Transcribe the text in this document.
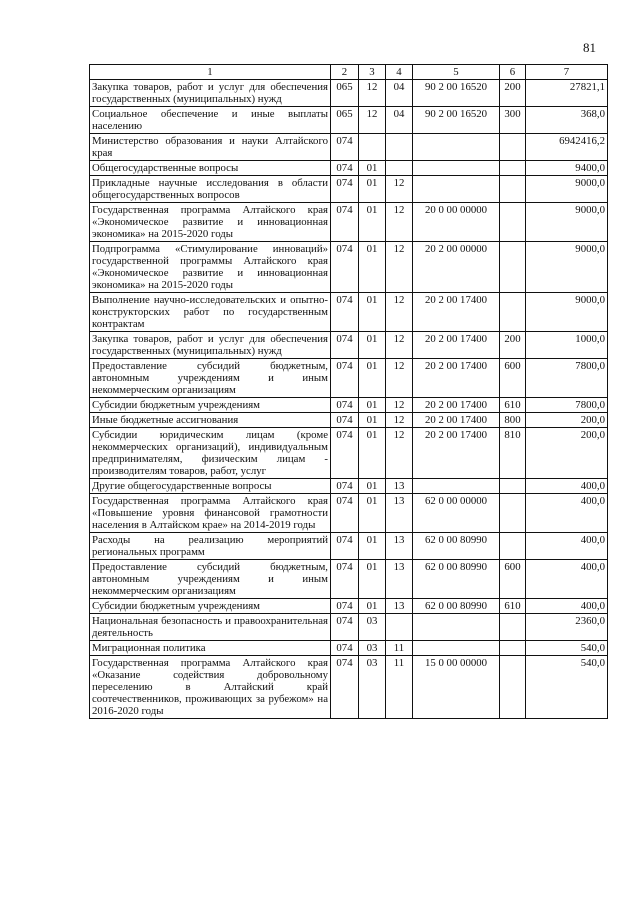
81
1	2	3	4	5	6	7
Закупка товаров, работ и услуг для обеспечения государственных (муниципальных) нужд	065	12	04	90 2 00 16520	200	27821,1
Социальное обеспечение и иные выплаты населению	065	12	04	90 2 00 16520	300	368,0
Министерство образования и науки Алтайского края	074					6942416,2
Общегосударственные вопросы	074	01				9400,0
Прикладные научные исследования в области общегосударственных вопросов	074	01	12			9000,0
Государственная программа Алтайского края «Экономическое развитие и инновационная экономика» на 2015-2020 годы	074	01	12	20 0 00 00000		9000,0
Подпрограмма «Стимулирование инноваций» государственной программы Алтайского края «Экономическое развитие и инновационная экономика» на 2015-2020 годы	074	01	12	20 2 00 00000		9000,0
Выполнение научно-исследовательских и опытно-конструкторских работ по государственным контрактам	074	01	12	20 2 00 17400		9000,0
Закупка товаров, работ и услуг для обеспечения государственных (муниципальных) нужд	074	01	12	20 2 00 17400	200	1000,0
Предоставление субсидий бюджетным, автономным учреждениям и иным некоммерческим организациям	074	01	12	20 2 00 17400	600	7800,0
Субсидии бюджетным учреждениям	074	01	12	20 2 00 17400	610	7800,0
Иные бюджетные ассигнования	074	01	12	20 2 00 17400	800	200,0
Субсидии юридическим лицам (кроме некоммерческих организаций), индивидуальным предпринимателям, физическим лицам - производителям товаров, работ, услуг	074	01	12	20 2 00 17400	810	200,0
Другие общегосударственные вопросы	074	01	13			400,0
Государственная программа Алтайского края «Повышение уровня финансовой грамотности населения в Алтайском крае» на 2014-2019 годы	074	01	13	62 0 00 00000		400,0
Расходы на реализацию мероприятий региональных программ	074	01	13	62 0 00 80990		400,0
Предоставление субсидий бюджетным, автономным учреждениям и иным некоммерческим организациям	074	01	13	62 0 00 80990	600	400,0
Субсидии бюджетным учреждениям	074	01	13	62 0 00 80990	610	400,0
Национальная безопасность и правоохранительная деятельность	074	03				2360,0
Миграционная политика	074	03	11			540,0
Государственная программа Алтайского края «Оказание содействия добровольному переселению в Алтайский край соотечественников, проживающих за рубежом» на 2016-2020 годы	074	03	11	15 0 00 00000		540,0
